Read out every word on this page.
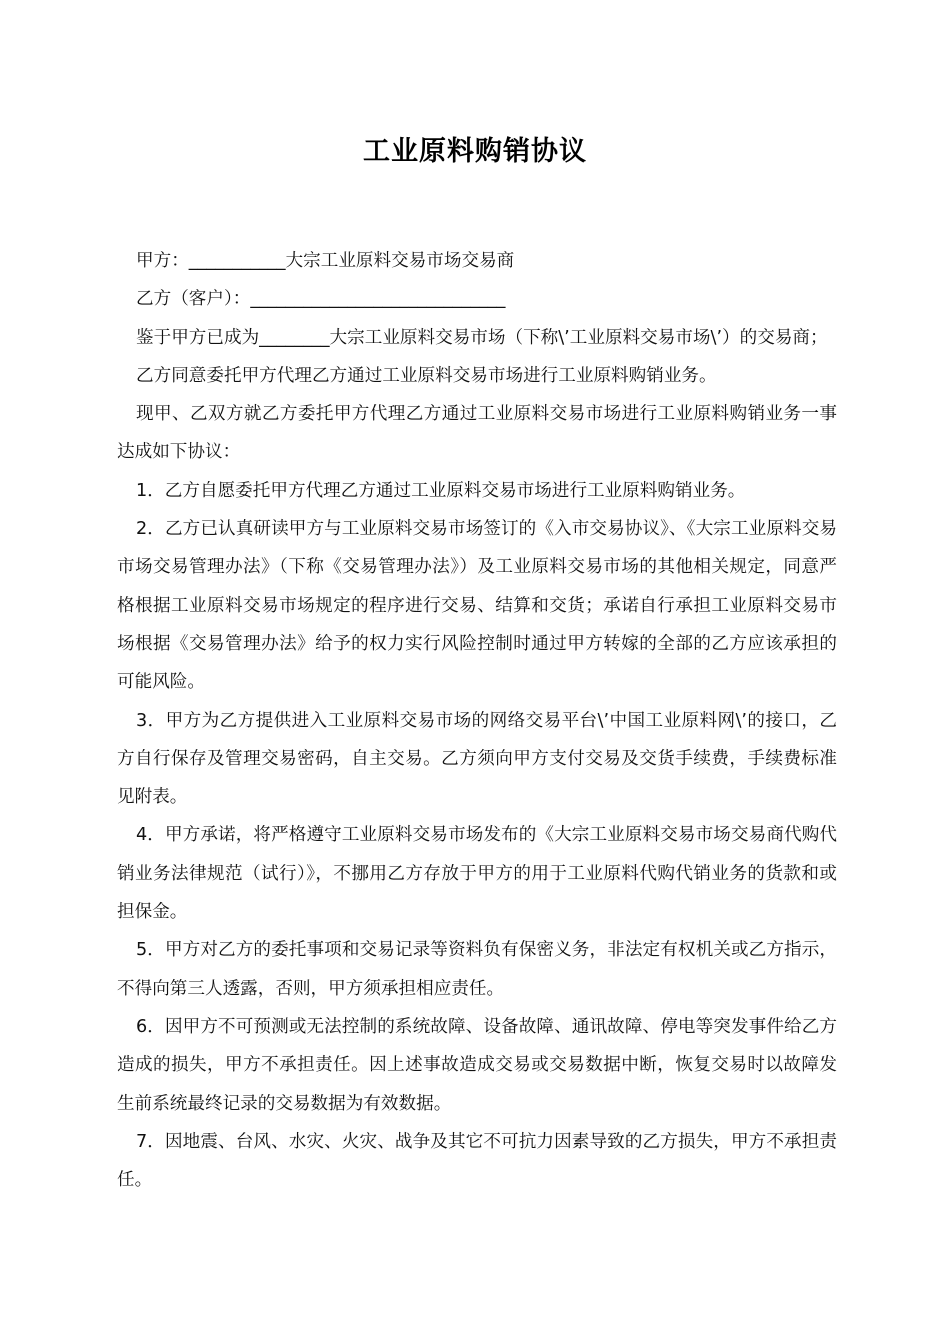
工业原料购销协议

甲方：___________大宗工业原料交易市场交易商

乙方（客户）：_____________________________

鉴于甲方已成为________大宗工业原料交易市场（下称\’工业原料交易市场\’）的交易商；

乙方同意委托甲方代理乙方通过工业原料交易市场进行工业原料购销业务。

现甲、乙双方就乙方委托甲方代理乙方通过工业原料交易市场进行工业原料购销业务一事达成如下协议：

1．乙方自愿委托甲方代理乙方通过工业原料交易市场进行工业原料购销业务。

2．乙方已认真研读甲方与工业原料交易市场签订的《入市交易协议》、《大宗工业原料交易市场交易管理办法》（下称《交易管理办法》）及工业原料交易市场的其他相关规定，同意严格根据工业原料交易市场规定的程序进行交易、结算和交货；承诺自行承担工业原料交易市场根据《交易管理办法》给予的权力实行风险控制时通过甲方转嫁的全部的乙方应该承担的可能风险。

3．甲方为乙方提供进入工业原料交易市场的网络交易平台\’中国工业原料网\’的接口，乙方自行保存及管理交易密码，自主交易。乙方须向甲方支付交易及交货手续费，手续费标准见附表。

4．甲方承诺，将严格遵守工业原料交易市场发布的《大宗工业原料交易市场交易商代购代销业务法律规范（试行）》，不挪用乙方存放于甲方的用于工业原料代购代销业务的货款和或担保金。

5．甲方对乙方的委托事项和交易记录等资料负有保密义务，非法定有权机关或乙方指示，不得向第三人透露，否则，甲方须承担相应责任。

6．因甲方不可预测或无法控制的系统故障、设备故障、通讯故障、停电等突发事件给乙方造成的损失，甲方不承担责任。因上述事故造成交易或交易数据中断，恢复交易时以故障发生前系统最终记录的交易数据为有效数据。

7．因地震、台风、水灾、火灾、战争及其它不可抗力因素导致的乙方损失，甲方不承担责任。
